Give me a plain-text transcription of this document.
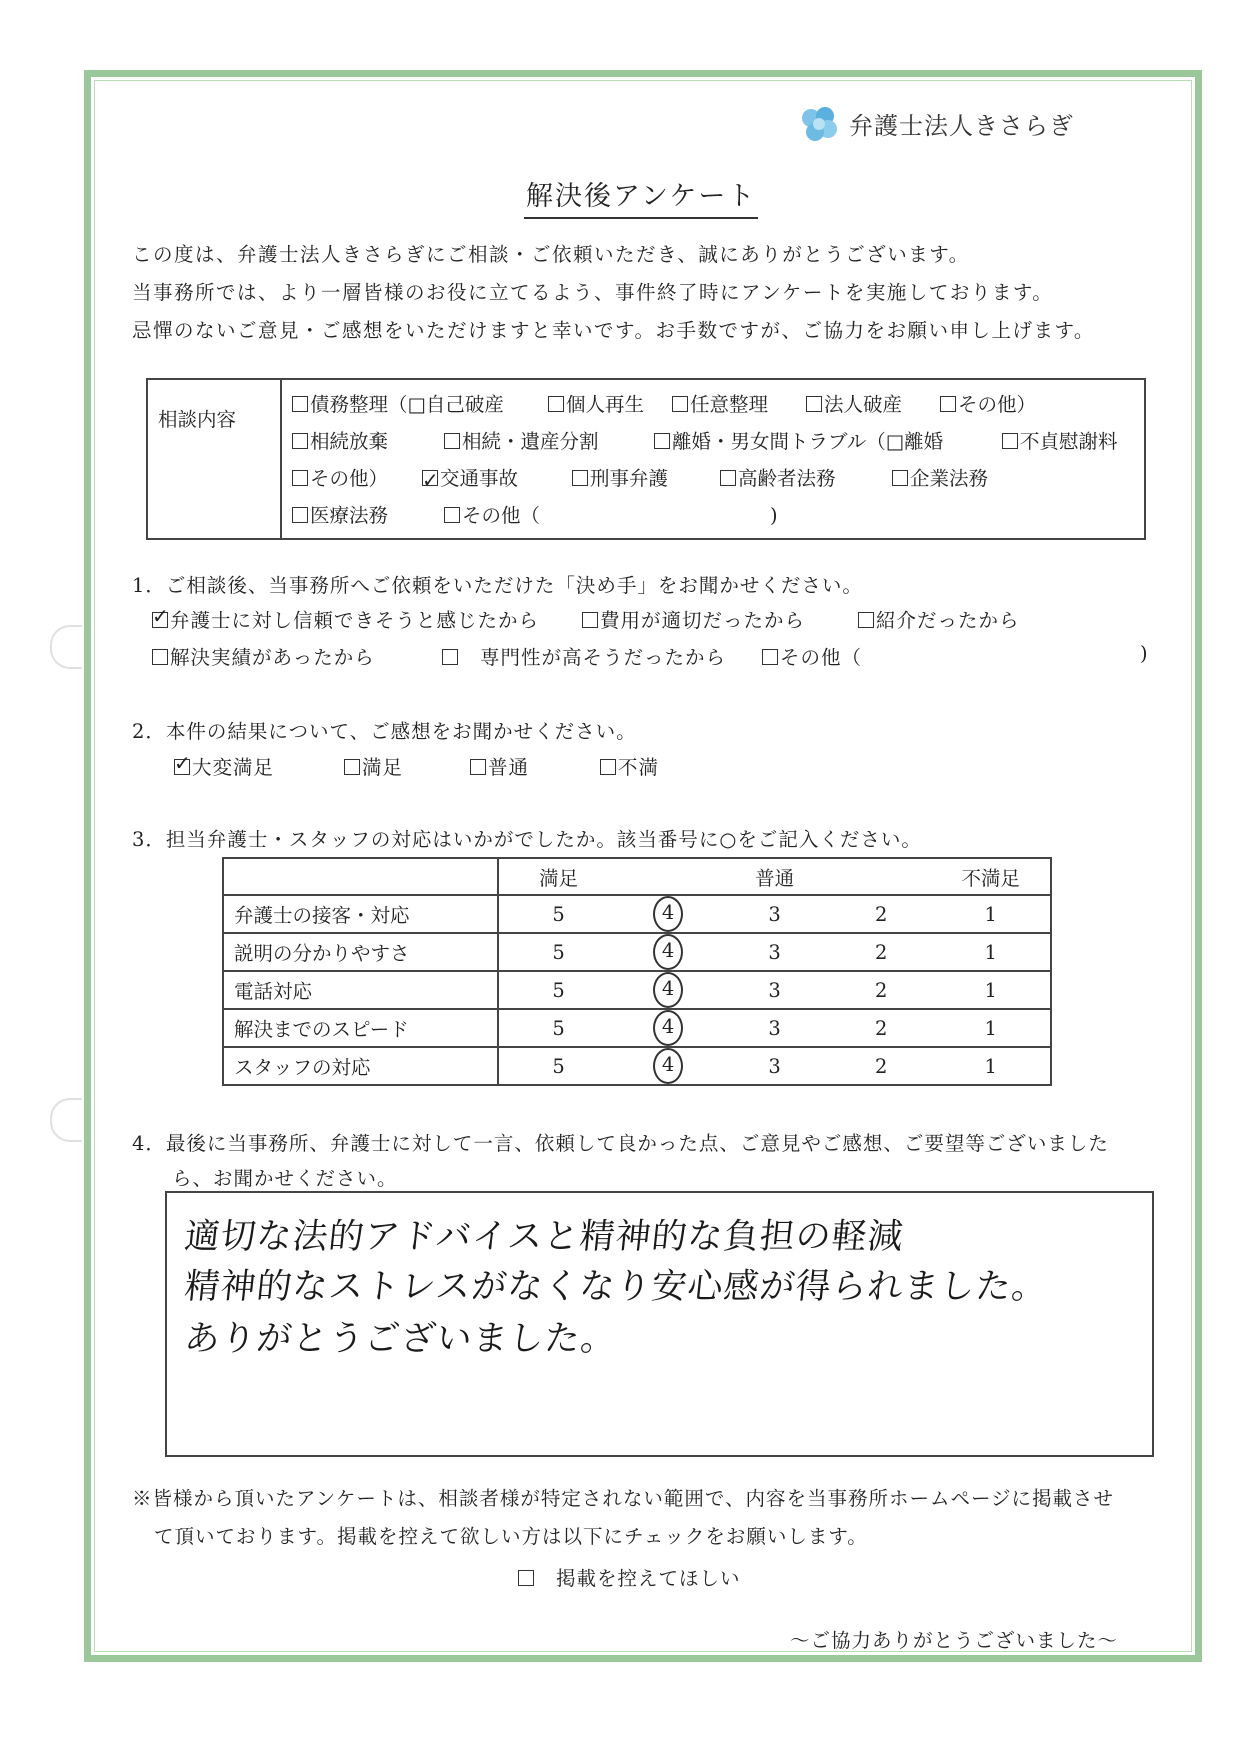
弁護士法人きさらぎ
解決後アンケート
この度は、弁護士法人きさらぎにご相談・ご依頼いただき、誠にありがとうございます。
当事務所では、より一層皆様のお役に立てるよう、事件終了時にアンケートを実施しております。
忌憚のないご意見・ご感想をいただけますと幸いです。お手数ですが、ご協力をお願い申し上げます。
相談内容	
債務整理（□自己破産	個人再生	任意整理	法人破産	その他）
相続放棄	相続・遺産分割	離婚・男女間トラブル（□離婚	不貞慰謝料
その他） ✓	交通事故	刑事弁護	高齢者法務	企業法務
医療法務	その他（	)
1．ご相談後、当事務所へご依頼をいただけた「決め手」をお聞かせください。
✓弁護士に対し信頼できそうと感じたから	費用が適切だったから	紹介だったから
解決実績があったから	専門性が高そうだったから	その他（	)
2．本件の結果について、ご感想をお聞かせください。
✓大変満足	満足	普通	不満
3．担当弁護士・スタッフの対応はいかがでしたか。該当番号に○をご記入ください。
	満足		普通		不満足
弁護士の接客・対応	5	4	3	2	1
説明の分かりやすさ	5	4	3	2	1
電話対応	5	4	3	2	1
解決までのスピード	5	4	3	2	1
スタッフの対応	5	4	3	2	1
4．最後に当事務所、弁護士に対して一言、依頼して良かった点、ご意見やご感想、ご要望等ございました
ら、お聞かせください。
適切な法的アドバイスと精神的な負担の軽減
精神的なストレスがなくなり安心感が得られました。
ありがとうございました。
※皆様から頂いたアンケートは、相談者様が特定されない範囲で、内容を当事務所ホームページに掲載させ
て頂いております。掲載を控えて欲しい方は以下にチェックをお願いします。
掲載を控えてほしい
～ご協力ありがとうございました～
